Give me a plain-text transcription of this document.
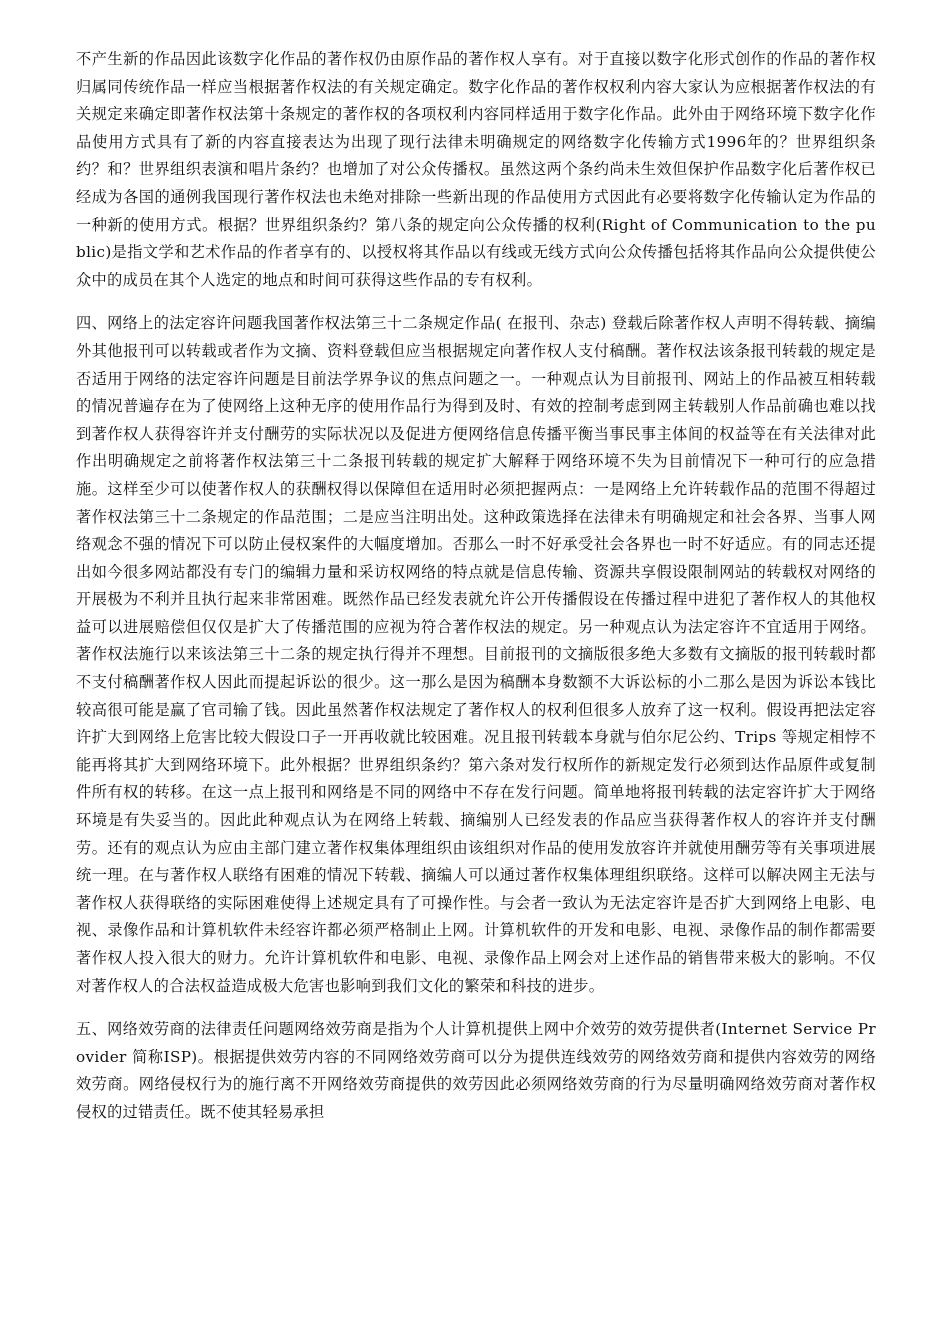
不产生新的作品因此该数字化作品的著作权仍由原作品的著作权人享有。对于直接以数字化形式创作的作品的著作权归属同传统作品一样应当根据著作权法的有关规定确定。数字化作品的著作权权利内容大家认为应根据著作权法的有关规定来确定即著作权法第十条规定的著作权的各项权利内容同样适用于数字化作品。此外由于网络环境下数字化作品使用方式具有了新的内容直接表达为出现了现行法律未明确规定的网络数字化传输方式1996年的？世界组织条约？和？世界组织表演和唱片条约？也增加了对公众传播权。虽然这两个条约尚未生效但保护作品数字化后著作权已经成为各国的通例我国现行著作权法也未绝对排除一些新出现的作品使用方式因此有必要将数字化传输认定为作品的一种新的使用方式。根据？世界组织条约？第八条的规定向公众传播的权利(Right of Communication to the public)是指文学和艺术作品的作者享有的、以授权将其作品以有线或无线方式向公众传播包括将其作品向公众提供使公众中的成员在其个人选定的地点和时间可获得这些作品的专有权利。

四、网络上的法定容许问题我国著作权法第三十二条规定作品( 在报刊、杂志) 登载后除著作权人声明不得转载、摘编外其他报刊可以转载或者作为文摘、资料登载但应当根据规定向著作权人支付稿酬。著作权法该条报刊转载的规定是否适用于网络的法定容许问题是目前法学界争议的焦点问题之一。一种观点认为目前报刊、网站上的作品被互相转载的情况普遍存在为了使网络上这种无序的使用作品行为得到及时、有效的控制考虑到网主转载别人作品前确也难以找到著作权人获得容许并支付酬劳的实际状况以及促进方便网络信息传播平衡当事民事主体间的权益等在有关法律对此作出明确规定之前将著作权法第三十二条报刊转载的规定扩大解释于网络环境不失为目前情况下一种可行的应急措施。这样至少可以使著作权人的获酬权得以保障但在适用时必须把握两点：一是网络上允许转载作品的范围不得超过著作权法第三十二条规定的作品范围；二是应当注明出处。这种政策选择在法律未有明确规定和社会各界、当事人网络观念不强的情况下可以防止侵权案件的大幅度增加。否那么一时不好承受社会各界也一时不好适应。有的同志还提出如今很多网站都没有专门的编辑力量和采访权网络的特点就是信息传输、资源共享假设限制网站的转载权对网络的开展极为不利并且执行起来非常困难。既然作品已经发表就允许公开传播假设在传播过程中进犯了著作权人的其他权益可以进展赔偿但仅仅是扩大了传播范围的应视为符合著作权法的规定。另一种观点认为法定容许不宜适用于网络。著作权法施行以来该法第三十二条的规定执行得并不理想。目前报刊的文摘版很多绝大多数有文摘版的报刊转载时都不支付稿酬著作权人因此而提起诉讼的很少。这一那么是因为稿酬本身数额不大诉讼标的小二那么是因为诉讼本钱比较高很可能是赢了官司输了钱。因此虽然著作权法规定了著作权人的权利但很多人放弃了这一权利。假设再把法定容许扩大到网络上危害比较大假设口子一开再收就比较困难。况且报刊转载本身就与伯尔尼公约、Trips 等规定相悖不能再将其扩大到网络环境下。此外根据？世界组织条约？第六条对发行权所作的新规定发行必须到达作品原件或复制件所有权的转移。在这一点上报刊和网络是不同的网络中不存在发行问题。简单地将报刊转载的法定容许扩大于网络环境是有失妥当的。因此此种观点认为在网络上转载、摘编别人已经发表的作品应当获得著作权人的容许并支付酬劳。还有的观点认为应由主部门建立著作权集体理组织由该组织对作品的使用发放容许并就使用酬劳等有关事项进展统一理。在与著作权人联络有困难的情况下转载、摘编人可以通过著作权集体理组织联络。这样可以解决网主无法与著作权人获得联络的实际困难使得上述规定具有了可操作性。与会者一致认为无法定容许是否扩大到网络上电影、电视、录像作品和计算机软件未经容许都必须严格制止上网。计算机软件的开发和电影、电视、录像作品的制作都需要著作权人投入很大的财力。允许计算机软件和电影、电视、录像作品上网会对上述作品的销售带来极大的影响。不仅对著作权人的合法权益造成极大危害也影响到我们文化的繁荣和科技的进步。

五、网络效劳商的法律责任问题网络效劳商是指为个人计算机提供上网中介效劳的效劳提供者(Internet Service Provider 简称ISP)。根据提供效劳内容的不同网络效劳商可以分为提供连线效劳的网络效劳商和提供内容效劳的网络效劳商。网络侵权行为的施行离不开网络效劳商提供的效劳因此必须网络效劳商的行为尽量明确网络效劳商对著作权侵权的过错责任。既不使其轻易承担
